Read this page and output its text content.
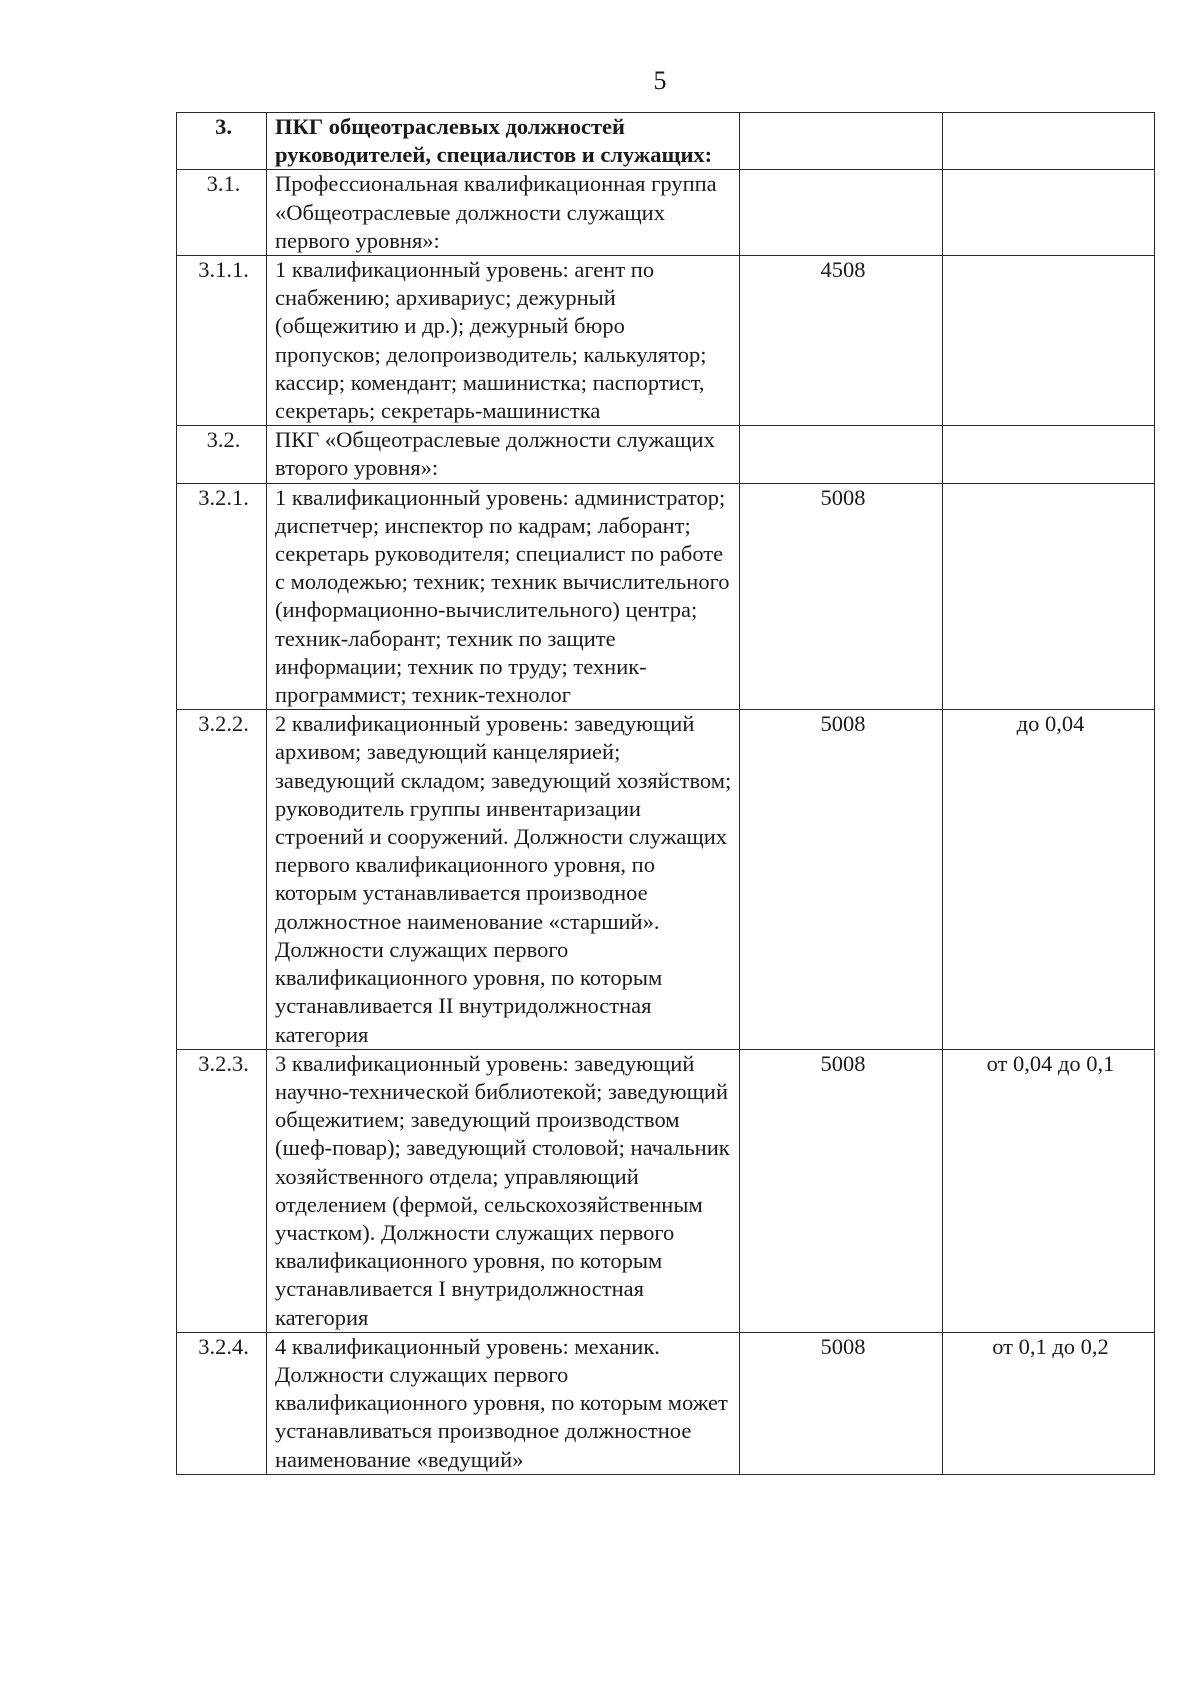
5
3.	ПКГ общеотраслевых должностей руководителей, специалистов и служащих:		
3.1.	Профессиональная квалификационная группа «Общеотраслевые должности служащих первого уровня»:		
3.1.1.	1 квалификационный уровень: агент по снабжению; архивариус; дежурный (общежитию и др.); дежурный бюро пропусков; делопроизводитель; калькулятор; кассир; комендант; машинистка; паспортист, секретарь; секретарь-машинистка	4508	
3.2.	ПКГ «Общеотраслевые должности служащих второго уровня»:		
3.2.1.	1 квалификационный уровень: администратор; диспетчер; инспектор по кадрам; лаборант; секретарь руководителя; специалист по работе с молодежью; техник; техник вычислительного (информационно-вычислительного) центра; техник-лаборант; техник по защите информации; техник по труду; техник-программист; техник-технолог	5008	
3.2.2.	2 квалификационный уровень: заведующий архивом; заведующий канцелярией; заведующий складом; заведующий хозяйством; руководитель группы инвентаризации строений и сооружений. Должности служащих первого квалификационного уровня, по которым устанавливается производное должностное наименование «старший». Должности служащих первого квалификационного уровня, по которым устанавливается II внутридолжностная категория	5008	до 0,04
3.2.3.	3 квалификационный уровень: заведующий научно-технической библиотекой; заведующий общежитием; заведующий производством (шеф-повар); заведующий столовой; начальник хозяйственного отдела; управляющий отделением (фермой, сельскохозяйственным участком). Должности служащих первого квалификационного уровня, по которым устанавливается I внутридолжностная категория	5008	от 0,04 до 0,1
3.2.4.	4 квалификационный уровень: механик. Должности служащих первого квалификационного уровня, по которым может устанавливаться производное должностное наименование «ведущий»	5008	от 0,1 до 0,2
